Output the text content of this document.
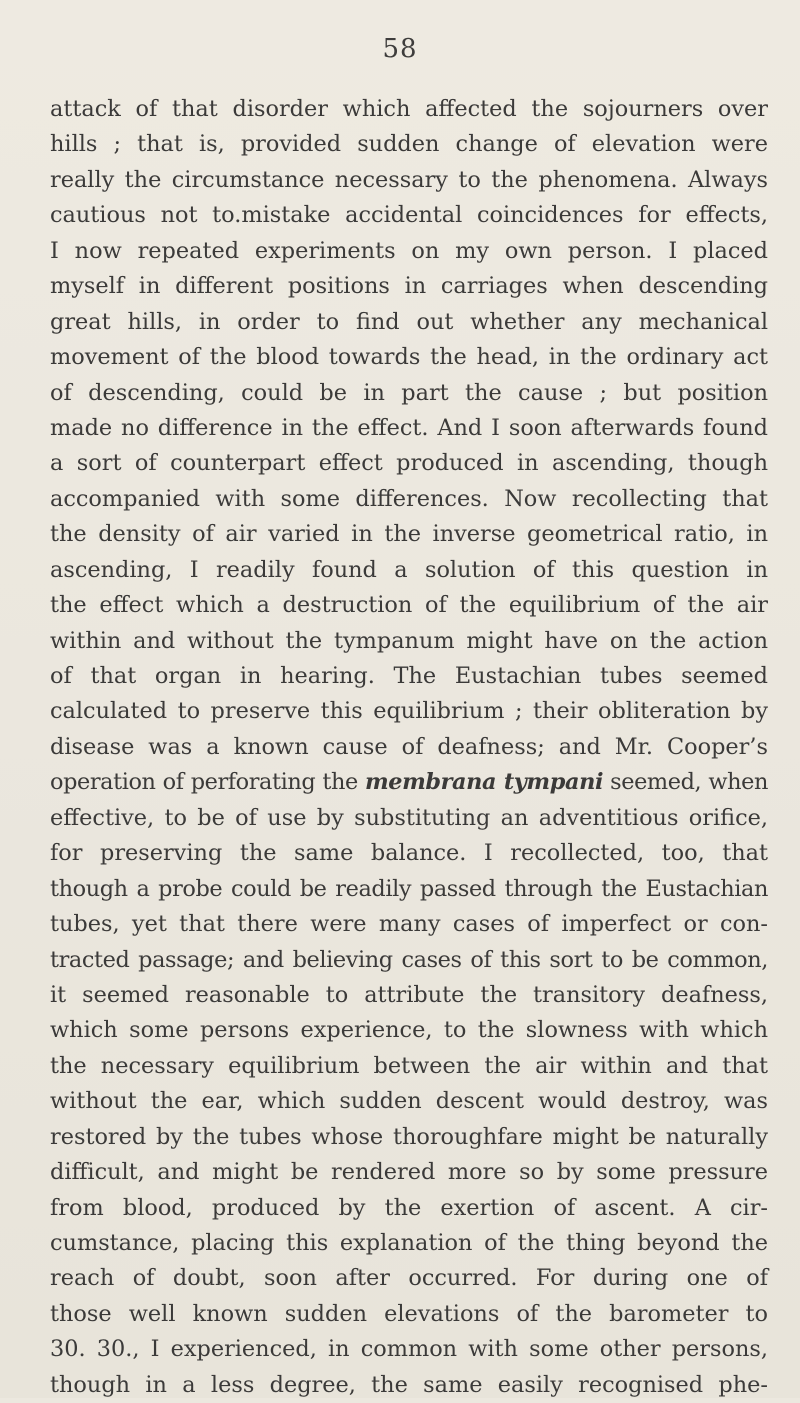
58
attack of that disorder which affected the sojourners over
hills ; that is, provided sudden change of elevation were
really the circumstance necessary to the phenomena. Always
cautious not to.mistake accidental coincidences for effects,
I now repeated experiments on my own person. I placed
myself in different positions in carriages when descending
great hills, in order to find out whether any mechanical
movement of the blood towards the head, in the ordinary act
of descending, could be in part the cause ; but position
made no difference in the effect. And I soon afterwards found
a sort of counterpart effect produced in ascending, though
accompanied with some differences. Now recollecting that
the density of air varied in the inverse geometrical ratio, in
ascending, I readily found a solution of this question in
the effect which a destruction of the equilibrium of the air
within and without the tympanum might have on the action
of that organ in hearing. The Eustachian tubes seemed
calculated to preserve this equilibrium ; their obliteration by
disease was a known cause of deafness; and Mr. Cooper’s
operation of perforating the membrana tympani seemed, when
effective, to be of use by substituting an adventitious orifice,
for preserving the same balance. I recollected, too, that
though a probe could be readily passed through the Eustachian
tubes, yet that there were many cases of imperfect or con-
tracted passage; and believing cases of this sort to be common,
it seemed reasonable to attribute the transitory deafness,
which some persons experience, to the slowness with which
the necessary equilibrium between the air within and that
without the ear, which sudden descent would destroy, was
restored by the tubes whose thoroughfare might be naturally
difficult, and might be rendered more so by some pressure
from blood, produced by the exertion of ascent. A cir-
cumstance, placing this explanation of the thing beyond the
reach of doubt, soon after occurred. For during one of
those well known sudden elevations of the barometer to
30. 30., I experienced, in common with some other persons,
though in a less degree, the same easily recognised phe-
